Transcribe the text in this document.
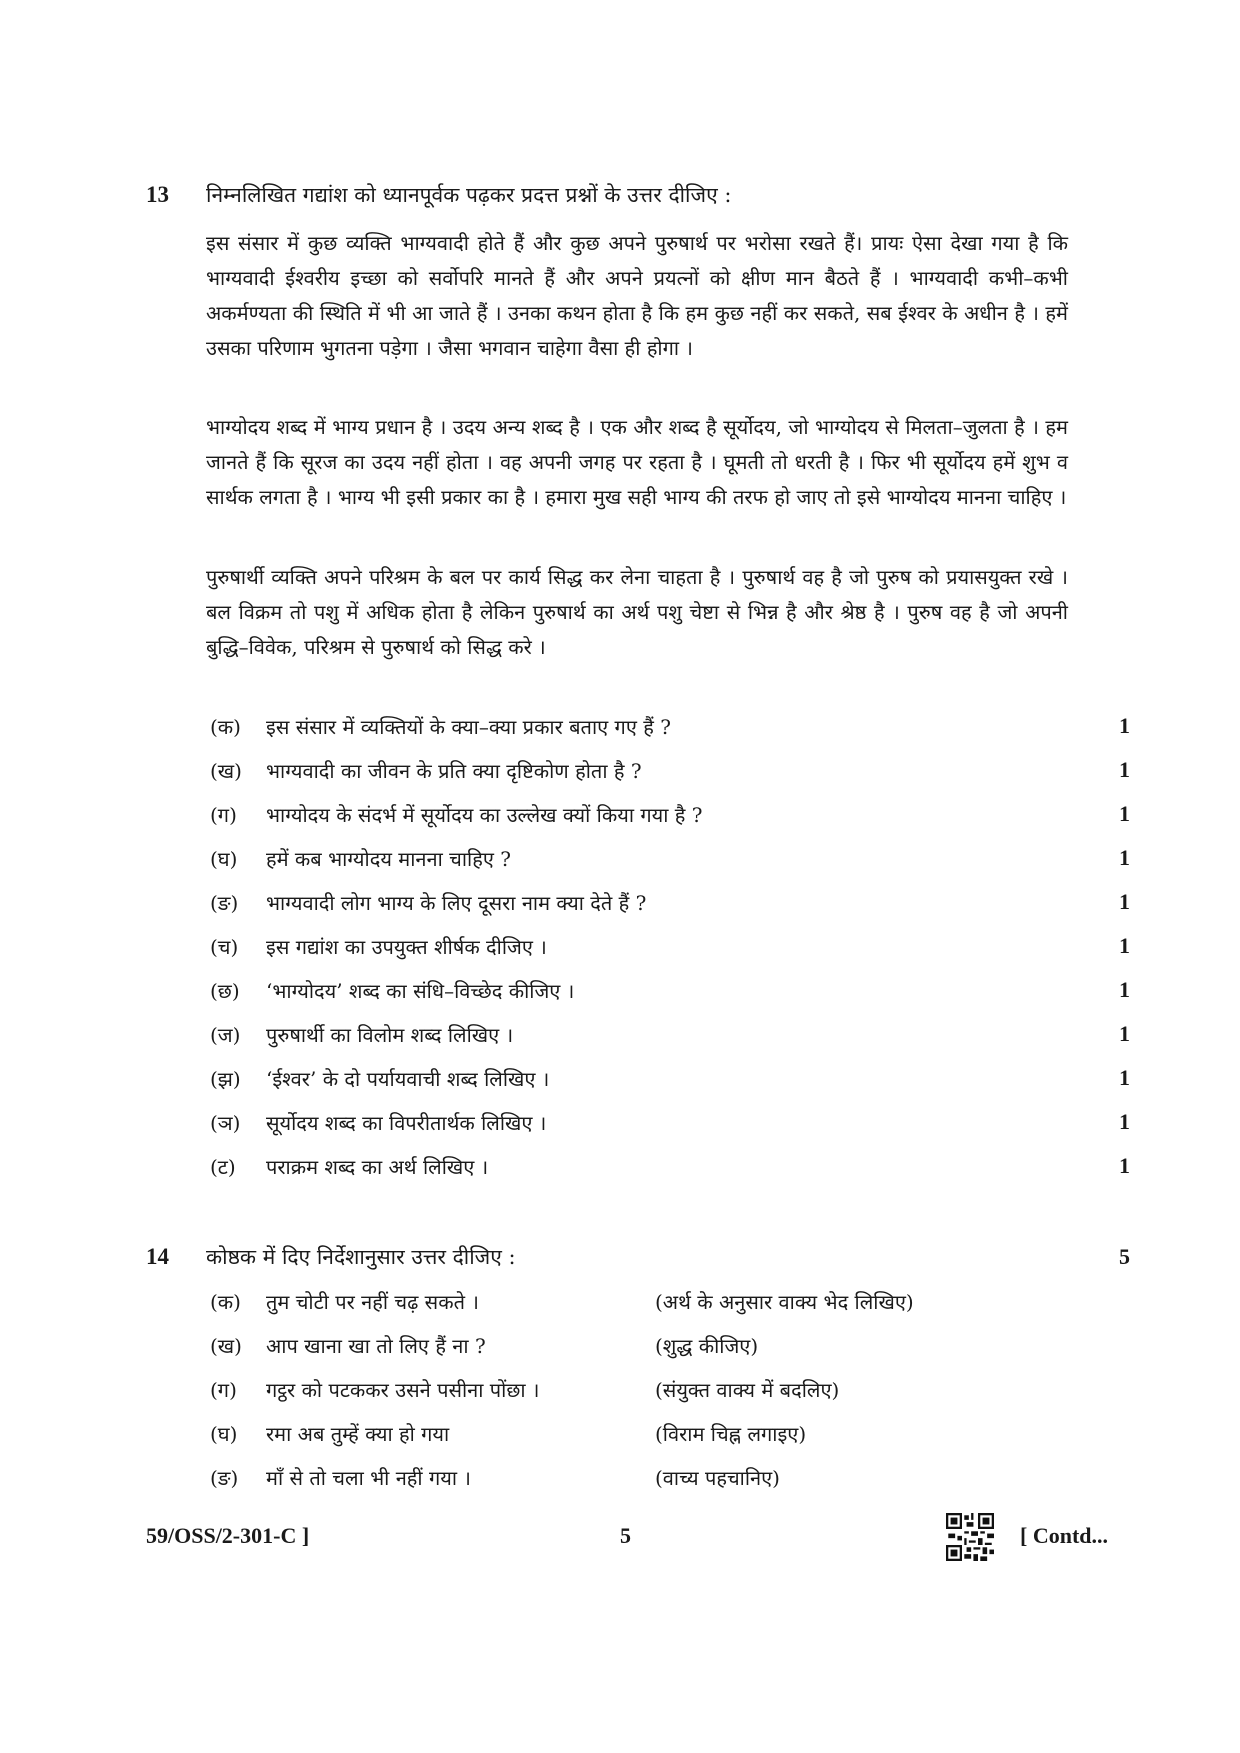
13 निम्नलिखित गद्यांश को ध्यानपूर्वक पढ़कर प्रदत्त प्रश्नों के उत्तर दीजिए :

इस संसार में कुछ व्यक्ति भाग्यवादी होते हैं और कुछ अपने पुरुषार्थ पर भरोसा रखते हैं। प्रायः ऐसा देखा गया है कि भाग्यवादी ईश्वरीय इच्छा को सर्वोपरि मानते हैं और अपने प्रयत्नों को क्षीण मान बैठते हैं । भाग्यवादी कभी–कभी अकर्मण्यता की स्थिति में भी आ जाते हैं । उनका कथन होता है कि हम कुछ नहीं कर सकते, सब ईश्वर के अधीन है । हमें उसका परिणाम भुगतना पड़ेगा । जैसा भगवान चाहेगा वैसा ही होगा ।

भाग्योदय शब्द में भाग्य प्रधान है । उदय अन्य शब्द है । एक और शब्द है सूर्योदय, जो भाग्योदय से मिलता–जुलता है । हम जानते हैं कि सूरज का उदय नहीं होता । वह अपनी जगह पर रहता है । घूमती तो धरती है । फिर भी सूर्योदय हमें शुभ व सार्थक लगता है । भाग्य भी इसी प्रकार का है । हमारा मुख सही भाग्य की तरफ हो जाए तो इसे भाग्योदय मानना चाहिए ।

पुरुषार्थी व्यक्ति अपने परिश्रम के बल पर कार्य सिद्ध कर लेना चाहता है । पुरुषार्थ वह है जो पुरुष को प्रयासयुक्त रखे । बल विक्रम तो पशु में अधिक होता है लेकिन पुरुषार्थ का अर्थ पशु चेष्टा से भिन्न है और श्रेष्ठ है । पुरुष वह है जो अपनी बुद्धि–विवेक, परिश्रम से पुरुषार्थ को सिद्ध करे ।

(क) इस संसार में व्यक्तियों के क्या–क्या प्रकार बताए गए हैं ?	1
(ख) भाग्यवादी का जीवन के प्रति क्या दृष्टिकोण होता है ?	1
(ग) भाग्योदय के संदर्भ में सूर्योदय का उल्लेख क्यों किया गया है ?	1
(घ) हमें कब भाग्योदय मानना चाहिए ?	1
(ङ) भाग्यवादी लोग भाग्य के लिए दूसरा नाम क्या देते हैं ?	1
(च) इस गद्यांश का उपयुक्त शीर्षक दीजिए ।	1
(छ) ‘भाग्योदय’ शब्द का संधि–विच्छेद कीजिए ।	1
(ज) पुरुषार्थी का विलोम शब्द लिखिए ।	1
(झ) ‘ईश्वर’ के दो पर्यायवाची शब्द लिखिए ।	1
(ञ) सूर्योदय शब्द का विपरीतार्थक लिखिए ।	1
(ट) पराक्रम शब्द का अर्थ लिखिए ।	1
14 कोष्ठक में दिए निर्देशानुसार उत्तर दीजिए :	5
(क) तुम चोटी पर नहीं चढ़ सकते ।	(अर्थ के अनुसार वाक्य भेद लिखिए)
(ख) आप खाना खा तो लिए हैं ना ?	(शुद्ध कीजिए)
(ग) गट्ठर को पटककर उसने पसीना पोंछा ।	(संयुक्त वाक्य में बदलिए)
(घ) रमा अब तुम्हें क्या हो गया	(विराम चिह्न लगाइए)
(ङ) माँ से तो चला भी नहीं गया ।	(वाच्य पहचानिए)
59/OSS/2-301-C ]	5	[ Contd...
